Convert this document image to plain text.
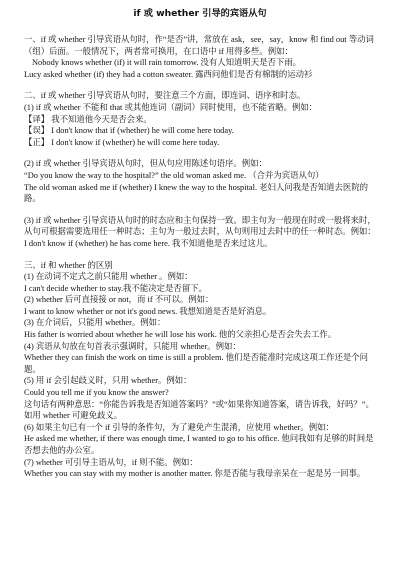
if 或 whether 引导的宾语从句
一、if 或 whether 引导宾语从句时，作“是否”讲，常放在 ask，see，say，know 和 find out 等动词（组）后面。一般情况下，两者常可换用，在口语中 if 用得多些。例如：
Nobody knows whether (if) it will rain tomorrow. 没有人知道明天是否下雨。
Lucy asked whether (if) they had a cotton sweater. 露西问他们是否有棉制的运动衫
二、if 或 whether 引导宾语从句时，要注意三个方面，即连词、语序和时态。
(1) if 或 whether 不能和 that 或其他连词（副词）同时使用，也不能省略。例如：
【译】 我不知道他今天是否会来。
【误】 I don't know that if (whether) he will come here today.
【正】 I don't know if (whether) he will come here today.
(2) if 或 whether 引导宾语从句时，但从句应用陈述句语序。例如：
“Do you know the way to the hospital?” the old woman asked me. （合并为宾语从句）
The old woman asked me if (whether) I knew the way to the hospital. 老妇人问我是否知道去医院的路。
(3) if 或 whether 引导宾语从句时的时态应和主句保持一致。即主句为一般现在时或一般将来时，从句可根据需要选用任一种时态；主句为一般过去时，从句则用过去时中的任一种时态。例如：
I don't know if (whether) he has come here. 我不知道他是否来过这儿。
三、if 和 whether 的区别
(1) 在动词不定式之前只能用 whether 。例如：
I can't decide whether to stay.我不能决定是否留下。
(2) whether 后可直接接 or not，而 if 不可以。例如：
I want to know whether or not it's good news. 我想知道是否是好消息。
(3) 在介词后，只能用 whether。例如：
His father is worried about whether he will lose his work. 他的父亲担心是否会失去工作。
(4) 宾语从句放在句首表示强调时，只能用 whether。例如：
Whether they can finish the work on time is still a problem. 他们是否能准时完成这项工作还是个问题。
(5) 用 if 会引起歧义时，只用 whether。例如：
Could you tell me if you know the answer?
这句话有两种意思：“你能告诉我是否知道答案吗？”或“如果你知道答案，请告诉我，好吗？”。如用 whether 可避免歧义。
(6) 如果主句已有一个 if 引导的条件句，为了避免产生混淆，应使用 whether。例如：
He asked me whether, if there was enough time, I wanted to go to his office. 他问我如有足够的时间是否想去他的办公室。
(7) whether 可引导主语从句，if 则不能。例如：
Whether you can stay with my mother is another matter. 你是否能与我母亲呆在一起是另一回事。
